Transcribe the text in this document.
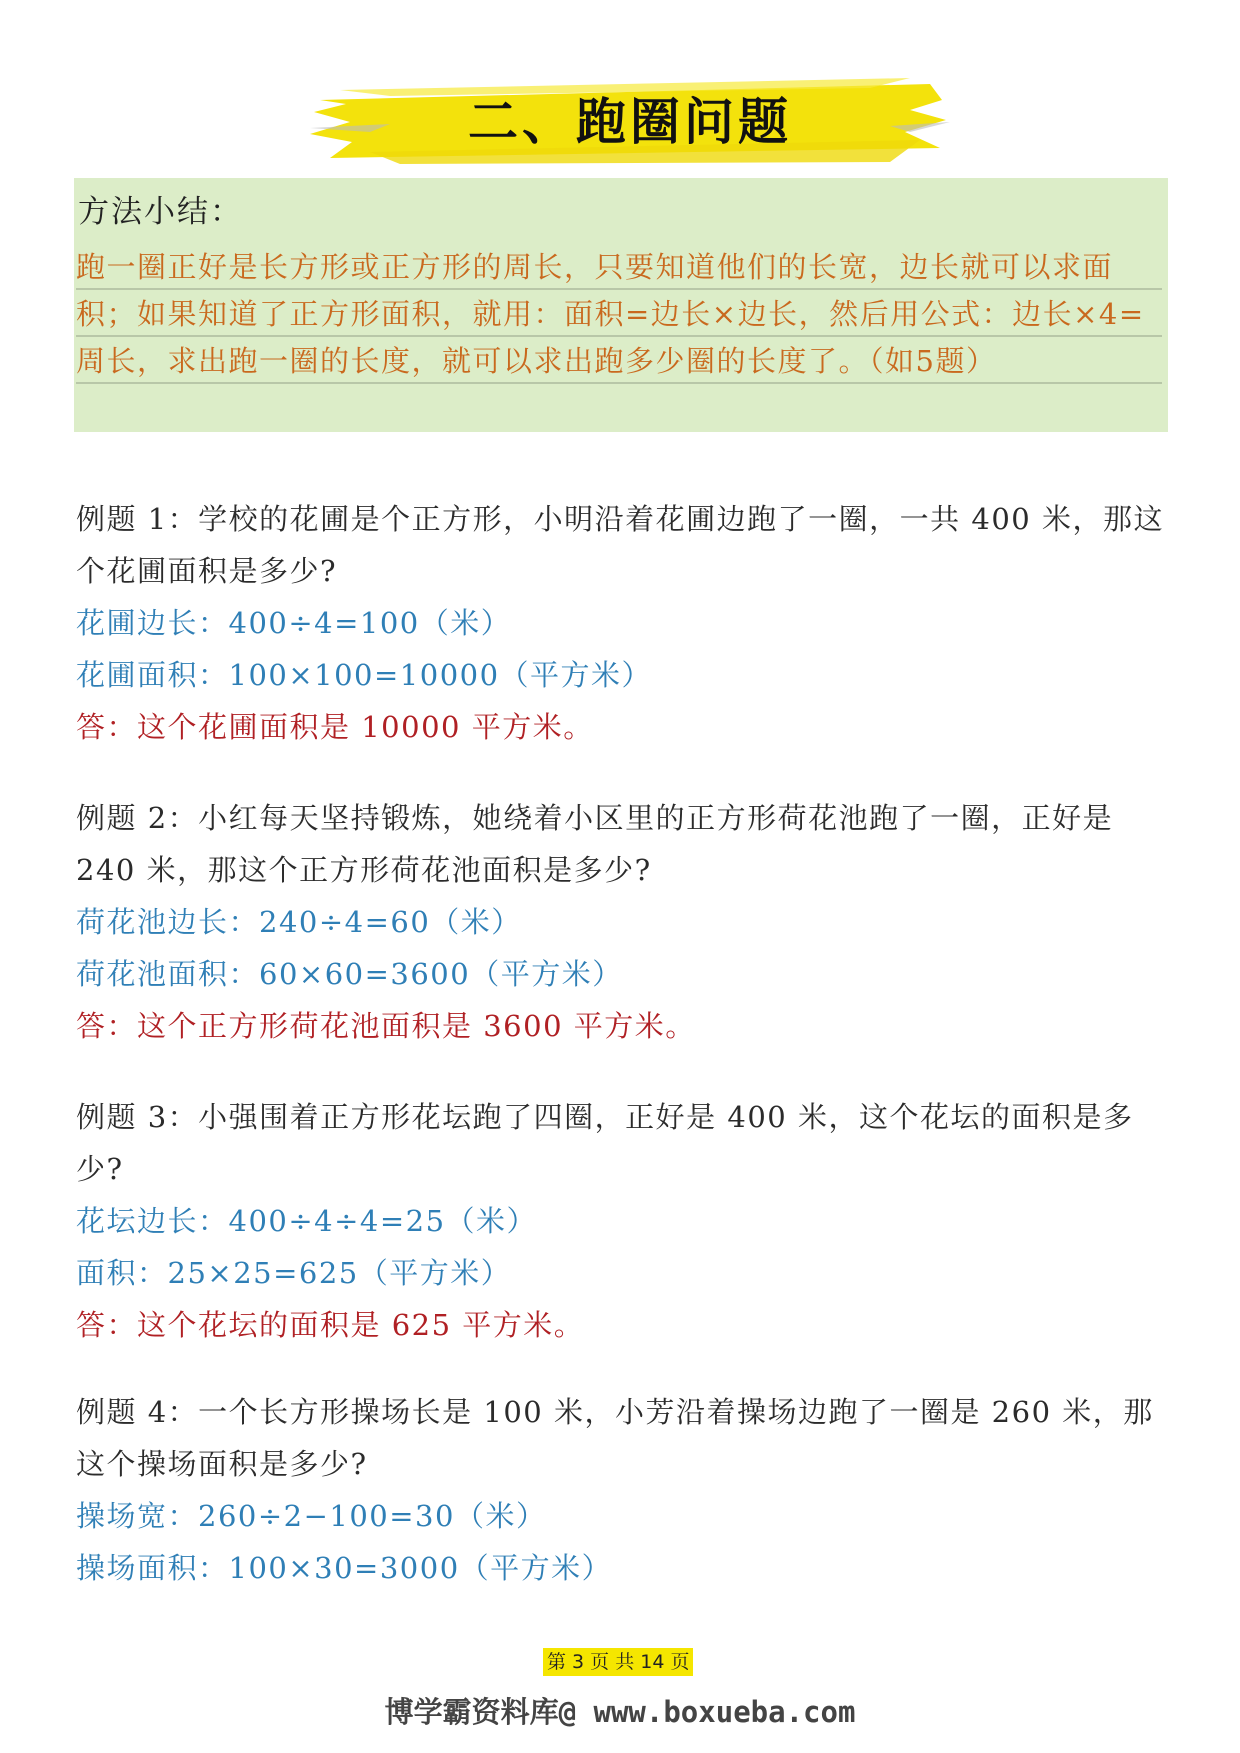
二、跑圈问题
方法小结：
跑一圈正好是长方形或正方形的周长，只要知道他们的长宽，边长就可以求面积；如果知道了正方形面积，就用：面积=边长×边长，然后用公式：边长×4=周长，求出跑一圈的长度，就可以求出跑多少圈的长度了。（如5题）
例题 1：学校的花圃是个正方形，小明沿着花圃边跑了一圈，一共 400 米，那这个花圃面积是多少?
花圃边长：400÷4=100（米）
花圃面积：100×100=10000（平方米）
答：这个花圃面积是 10000 平方米。
例题 2：小红每天坚持锻炼，她绕着小区里的正方形荷花池跑了一圈，正好是 240 米，那这个正方形荷花池面积是多少?
荷花池边长：240÷4=60（米）
荷花池面积：60×60=3600（平方米）
答：这个正方形荷花池面积是 3600 平方米。
例题 3：小强围着正方形花坛跑了四圈，正好是 400 米，这个花坛的面积是多少?
花坛边长：400÷4÷4=25（米）
面积：25×25=625（平方米）
答：这个花坛的面积是 625 平方米。
例题 4：一个长方形操场长是 100 米，小芳沿着操场边跑了一圈是 260 米，那这个操场面积是多少?
操场宽：260÷2−100=30（米）
操场面积：100×30=3000（平方米）
第 3 页 共 14 页
博学霸资料库@ www.boxueba.com
